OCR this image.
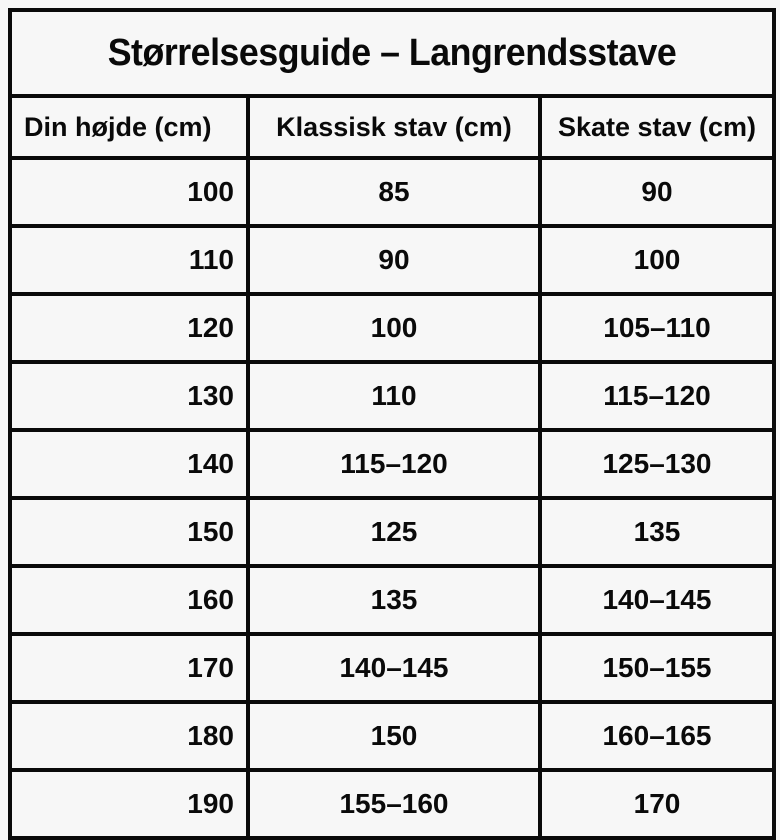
Størrelsesguide – Langrendsstave		

Din højde (cm)	Klassisk stav (cm)	Skate stav (cm)
100	85	90
110	90	100
120	100	105–110
130	110	115–120
140	115–120	125–130
150	125	135
160	135	140–145
170	140–145	150–155
180	150	160–165
190	155–160	170
